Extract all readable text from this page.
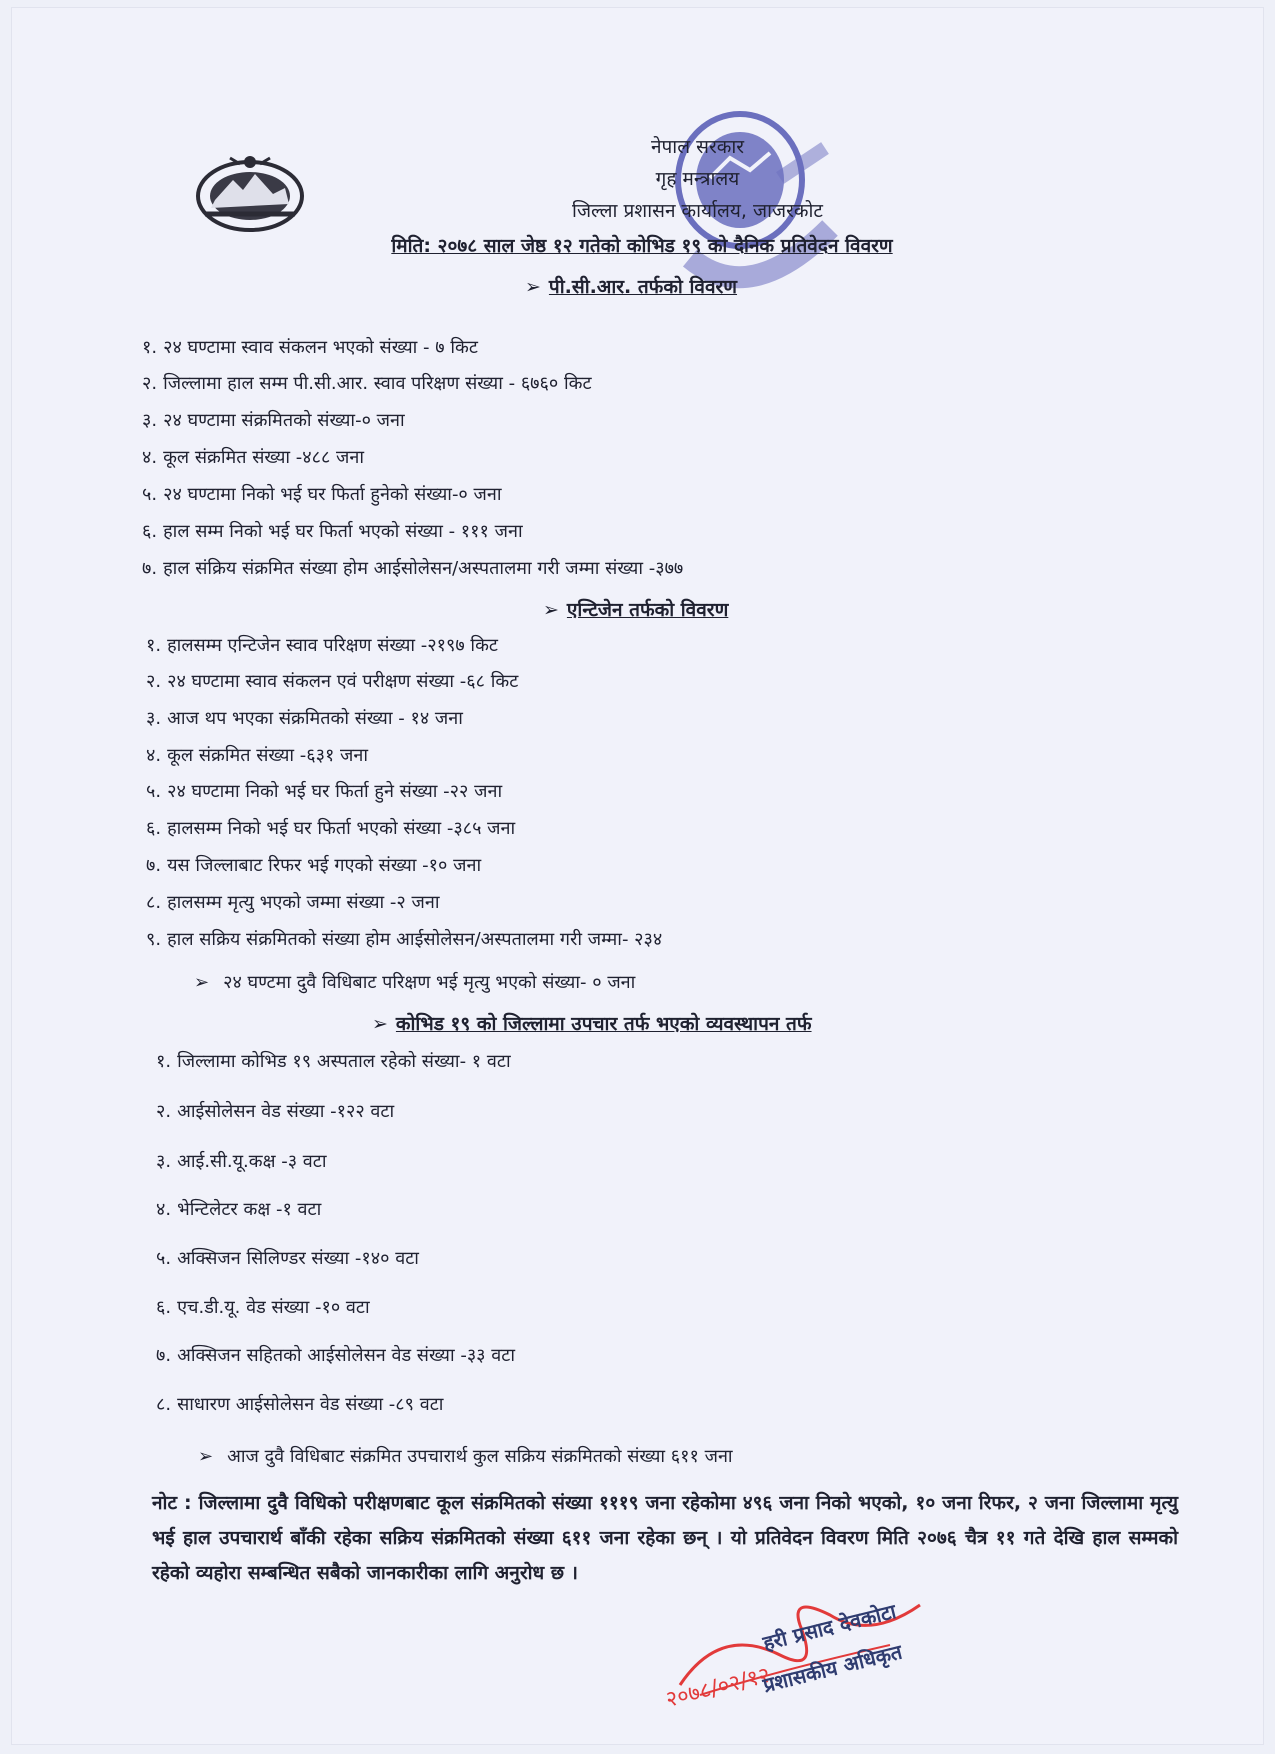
नेपाल सरकार
गृह मन्त्रालय
जिल्ला प्रशासन कार्यालय, जाजरकोट
मिति: २०७८ साल जेष्ठ १२ गतेको कोभिड १९ को दैनिक प्रतिवेदन विवरण
➢ पी.सी.आर. तर्फको विवरण
१. २४ घण्टामा स्वाव संकलन भएको संख्या - ७ किट
२. जिल्लामा हाल सम्म पी.सी.आर. स्वाव परिक्षण संख्या - ६७६० किट
३. २४ घण्टामा संक्रमितको संख्या-० जना
४. कूल संक्रमित संख्या -४८८ जना
५. २४ घण्टामा निको भई घर फिर्ता हुनेको संख्या-० जना
६. हाल सम्म निको भई घर फिर्ता भएको संख्या - १११ जना
७. हाल संक्रिय संक्रमित संख्या होम आईसोलेसन/अस्पतालमा गरी जम्मा संख्या -३७७
➢ एन्टिजेन तर्फको विवरण
१. हालसम्म एन्टिजेन स्वाव परिक्षण संख्या -२१९७ किट
२. २४ घण्टामा स्वाव संकलन एवं परीक्षण संख्या -६८ किट
३. आज थप भएका संक्रमितको संख्या - १४ जना
४. कूल संक्रमित संख्या -६३१ जना
५. २४ घण्टामा निको भई घर फिर्ता हुने संख्या -२२ जना
६. हालसम्म निको भई घर फिर्ता भएको संख्या -३८५ जना
७. यस जिल्लाबाट रिफर भई गएको संख्या -१० जना
८. हालसम्म मृत्यु भएको जम्मा संख्या -२ जना
९. हाल सक्रिय संक्रमितको संख्या होम आईसोलेसन/अस्पतालमा गरी जम्मा- २३४
➢ २४ घण्टमा दुवै विधिबाट परिक्षण भई मृत्यु भएको संख्या- ० जना
➢ कोभिड १९ को जिल्लामा उपचार तर्फ भएको व्यवस्थापन तर्फ
१. जिल्लामा कोभिड १९ अस्पताल रहेको संख्या- १ वटा
२. आईसोलेसन वेड संख्या -१२२ वटा
३. आई.सी.यू.कक्ष -३ वटा
४. भेन्टिलेटर कक्ष -१ वटा
५. अक्सिजन सिलिण्डर संख्या -१४० वटा
६. एच.डी.यू. वेड संख्या -१० वटा
७. अक्सिजन सहितको आईसोलेसन वेड संख्या -३३ वटा
८. साधारण आईसोलेसन वेड संख्या -८९ वटा
➢ आज दुवै विधिबाट संक्रमित उपचारार्थ कुल सक्रिय संक्रमितको संख्या ६११ जना
नोट : जिल्लामा दुवै विधिको परीक्षणबाट कूल संक्रमितको संख्या १११९ जना रहेकोमा ४९६ जना निको भएको, १० जना रिफर, २ जना जिल्लामा मृत्यु भई हाल उपचारार्थ बाँकी रहेका सक्रिय संक्रमितको संख्या ६११ जना रहेका छन् । यो प्रतिवेदन विवरण मिति २०७६ चैत्र ११ गते देखि हाल सम्मको रहेको व्यहोरा सम्बन्धित सबैको जानकारीका लागि अनुरोध छ ।
२०७८/०२/१२
हरी प्रसाद देवकोटा
प्रशासकीय अधिकृत
